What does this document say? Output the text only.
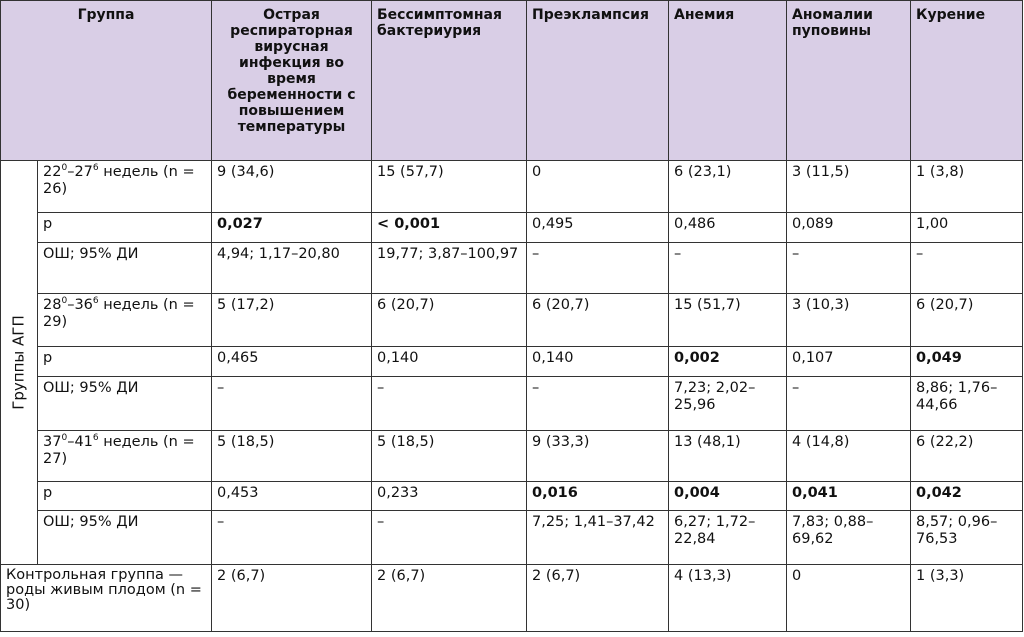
Группа		Острая респираторная вирусная инфекция во время беременности с повышением температуры	Бессимптомная бактериурия	Преэклампсия	Анемия	Аномалии пуповины	Курение

Группы АГП	$22^0-27^6$ недель (n = 26)	9 (34,6)	15 (57,7)	0	6 (23,1)	3 (11,5)	1 (3,8)
	p	0,027	< 0,001	0,495	0,486	0,089	1,00
	ОШ; 95% ДИ	4,94; 1,17–20,80	19,77; 3,87–100,97	–	–	–	–
	$28^0-36^6$ недель (n = 29)	5 (17,2)	6 (20,7)	6 (20,7)	15 (51,7)	3 (10,3)	6 (20,7)
	p	0,465	0,140	0,140	0,002	0,107	0,049
	ОШ; 95% ДИ	–	–	–	7,23; 2,02–25,96	–	8,86; 1,76–44,66
	$37^0-41^6$ недель (n = 27)	5 (18,5)	5 (18,5)	9 (33,3)	13 (48,1)	4 (14,8)	6 (22,2)
	p	0,453	0,233	0,016	0,004	0,041	0,042
	ОШ; 95% ДИ	–	–	7,25; 1,41–37,42	6,27; 1,72–22,84	7,83; 0,88–69,62	8,57; 0,96–76,53
Контрольная группа — роды живым плодом (n = 30)		2 (6,7)	2 (6,7)	2 (6,7)	4 (13,3)	0	1 (3,3)
